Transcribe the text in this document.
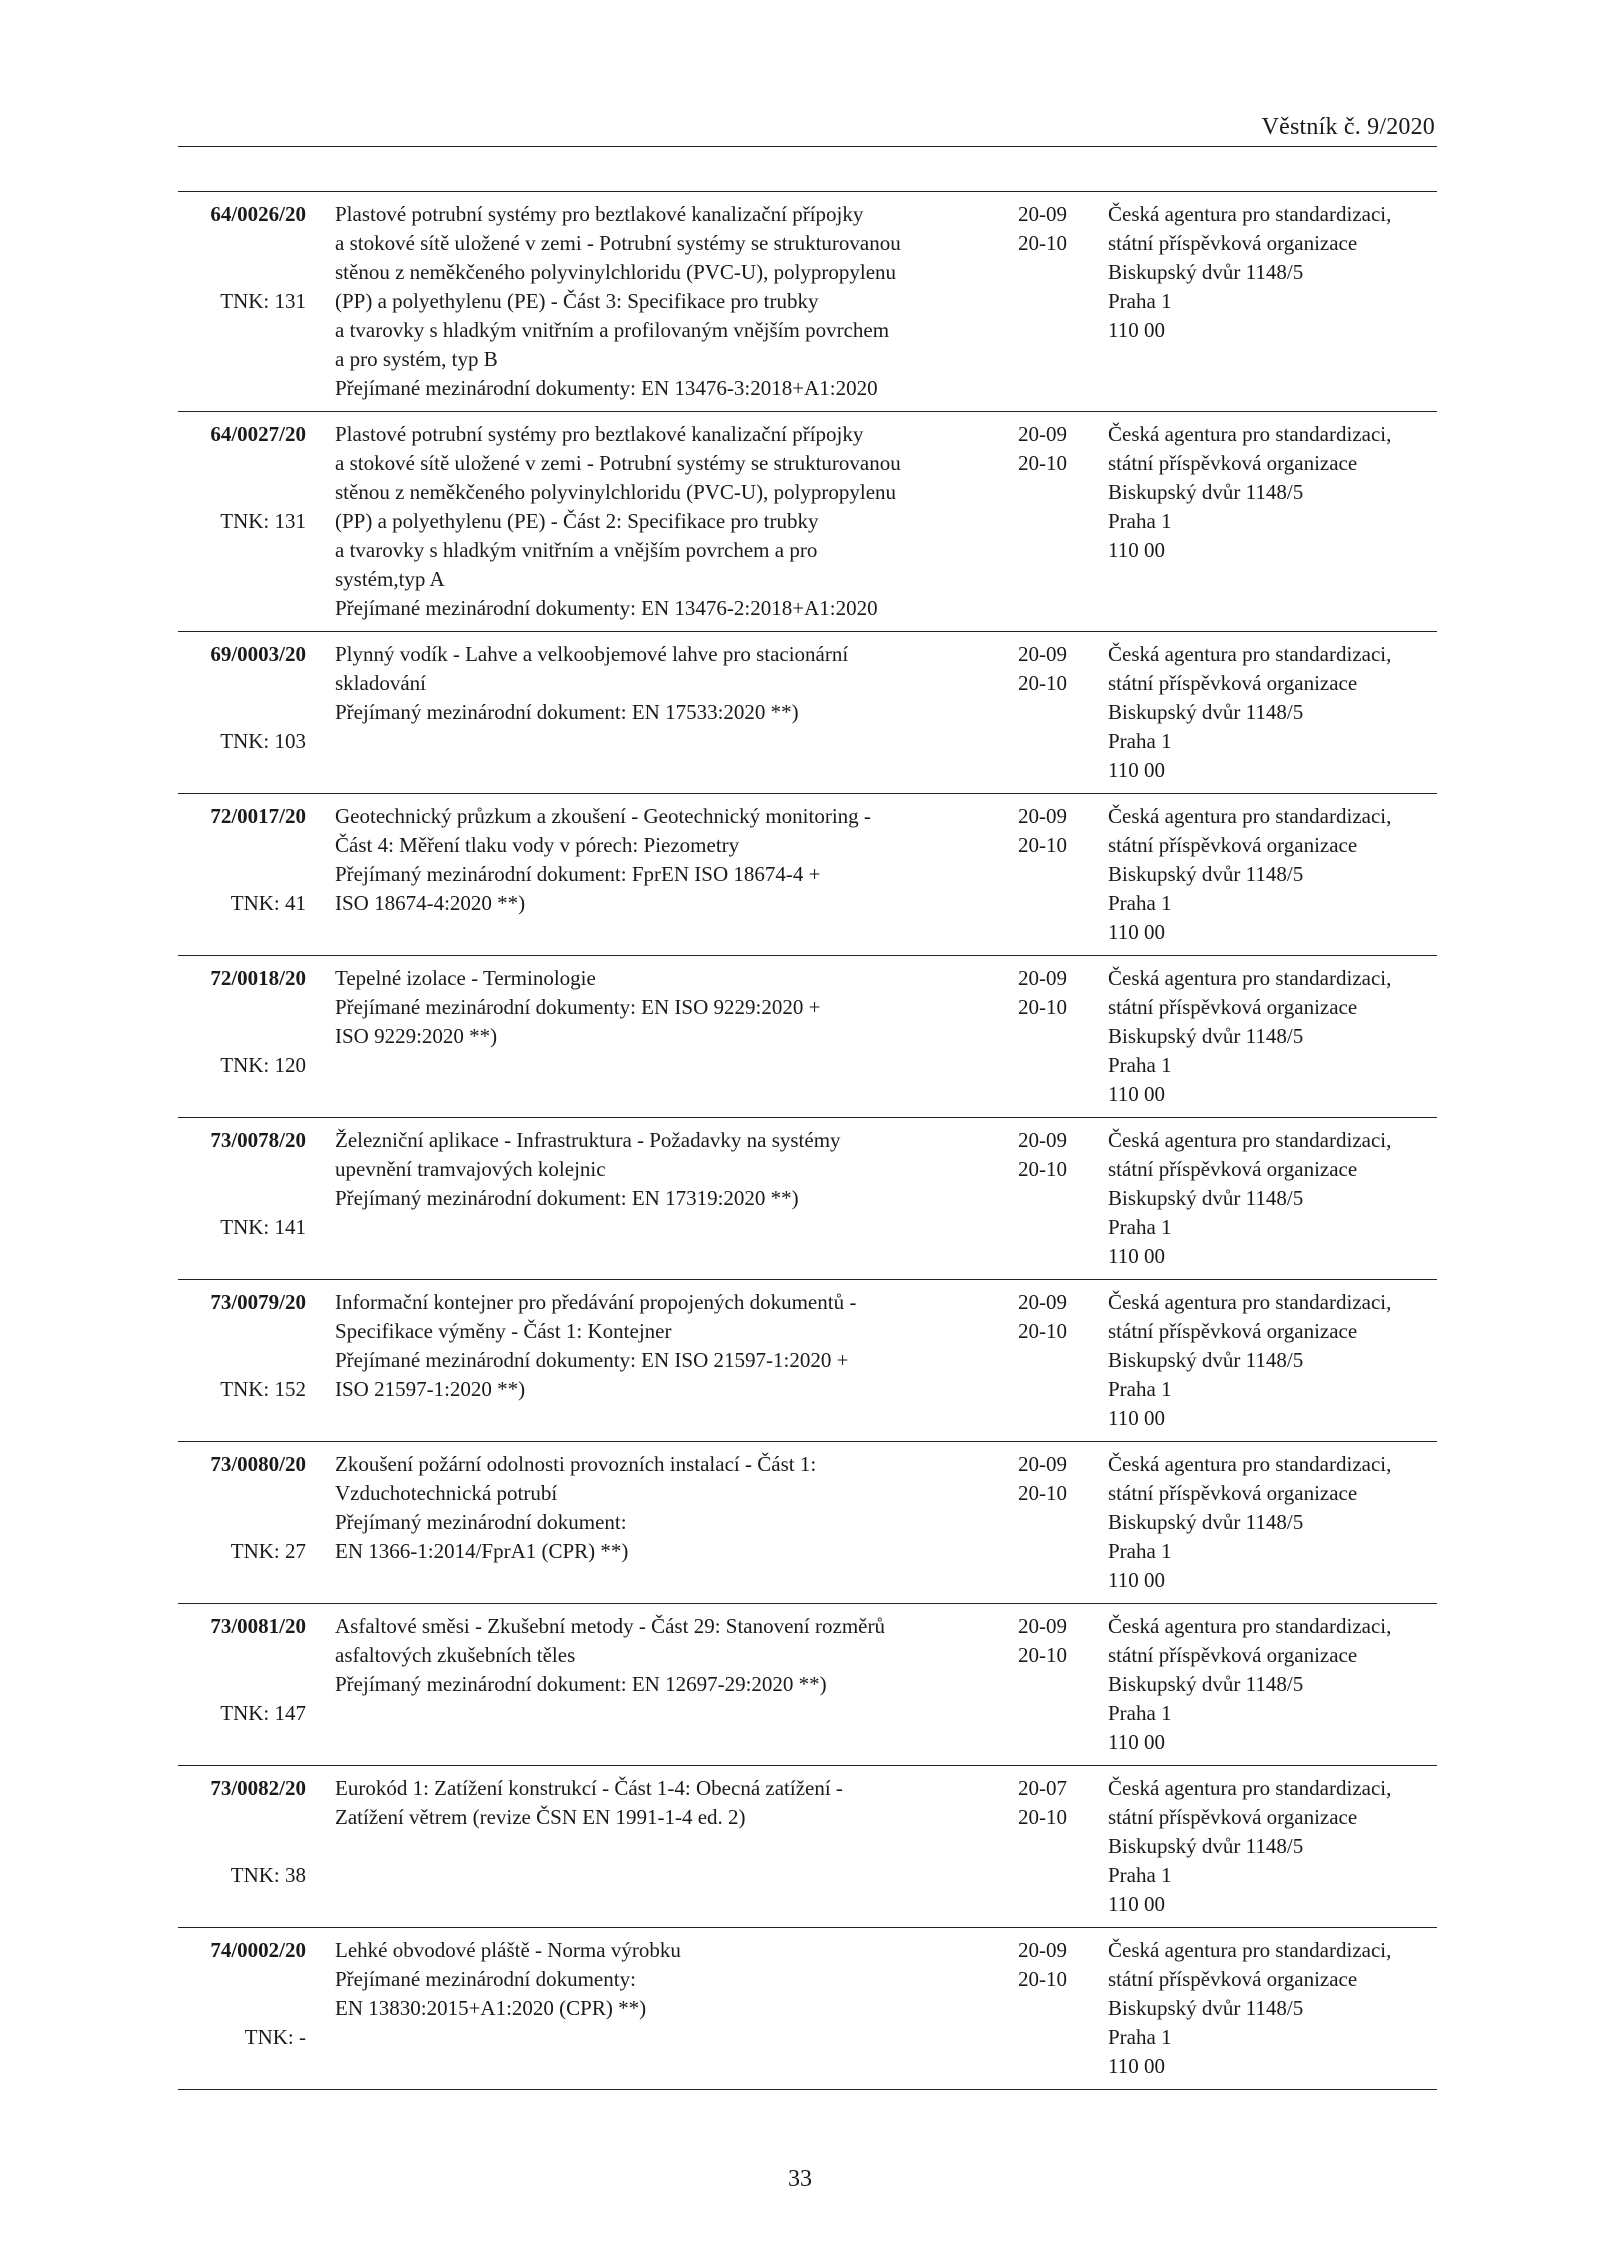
Věstník č. 9/2020
64/0026/20
TNK: 131
Plastové potrubní systémy pro beztlakové kanalizační přípojky
a stokové sítě uložené v zemi - Potrubní systémy se strukturovanou
stěnou z neměkčeného polyvinylchloridu (PVC-U), polypropylenu
(PP) a polyethylenu (PE) - Část 3: Specifikace pro trubky
a tvarovky s hladkým vnitřním a profilovaným vnějším povrchem
a pro systém, typ B
Přejímané mezinárodní dokumenty: EN 13476-3:2018+A1:2020
20-09
20-10
Česká agentura pro standardizaci,
státní příspěvková organizace
Biskupský dvůr 1148/5
Praha 1
110 00
64/0027/20
TNK: 131
Plastové potrubní systémy pro beztlakové kanalizační přípojky
a stokové sítě uložené v zemi - Potrubní systémy se strukturovanou
stěnou z neměkčeného polyvinylchloridu (PVC-U), polypropylenu
(PP) a polyethylenu (PE) - Část 2: Specifikace pro trubky
a tvarovky s hladkým vnitřním a vnějším povrchem a pro
systém,typ A
Přejímané mezinárodní dokumenty: EN 13476-2:2018+A1:2020
20-09
20-10
Česká agentura pro standardizaci,
státní příspěvková organizace
Biskupský dvůr 1148/5
Praha 1
110 00
69/0003/20
TNK: 103
Plynný vodík - Lahve a velkoobjemové lahve pro stacionární
skladování
Přejímaný mezinárodní dokument: EN 17533:2020 **)
20-09
20-10
Česká agentura pro standardizaci,
státní příspěvková organizace
Biskupský dvůr 1148/5
Praha 1
110 00
72/0017/20
TNK: 41
Geotechnický průzkum a zkoušení - Geotechnický monitoring -
Část 4: Měření tlaku vody v pórech: Piezometry
Přejímaný mezinárodní dokument: FprEN ISO 18674-4 +
ISO 18674-4:2020 **)
20-09
20-10
Česká agentura pro standardizaci,
státní příspěvková organizace
Biskupský dvůr 1148/5
Praha 1
110 00
72/0018/20
TNK: 120
Tepelné izolace - Terminologie
Přejímané mezinárodní dokumenty: EN ISO 9229:2020 +
ISO 9229:2020 **)
20-09
20-10
Česká agentura pro standardizaci,
státní příspěvková organizace
Biskupský dvůr 1148/5
Praha 1
110 00
73/0078/20
TNK: 141
Železniční aplikace - Infrastruktura - Požadavky na systémy
upevnění tramvajových kolejnic
Přejímaný mezinárodní dokument: EN 17319:2020 **)
20-09
20-10
Česká agentura pro standardizaci,
státní příspěvková organizace
Biskupský dvůr 1148/5
Praha 1
110 00
73/0079/20
TNK: 152
Informační kontejner pro předávání propojených dokumentů -
Specifikace výměny - Část 1: Kontejner
Přejímané mezinárodní dokumenty: EN ISO 21597-1:2020 +
ISO 21597-1:2020 **)
20-09
20-10
Česká agentura pro standardizaci,
státní příspěvková organizace
Biskupský dvůr 1148/5
Praha 1
110 00
73/0080/20
TNK: 27
Zkoušení požární odolnosti provozních instalací - Část 1:
Vzduchotechnická potrubí
Přejímaný mezinárodní dokument:
EN 1366-1:2014/FprA1 (CPR) **)
20-09
20-10
Česká agentura pro standardizaci,
státní příspěvková organizace
Biskupský dvůr 1148/5
Praha 1
110 00
73/0081/20
TNK: 147
Asfaltové směsi - Zkušební metody - Část 29: Stanovení rozměrů
asfaltových zkušebních těles
Přejímaný mezinárodní dokument: EN 12697-29:2020 **)
20-09
20-10
Česká agentura pro standardizaci,
státní příspěvková organizace
Biskupský dvůr 1148/5
Praha 1
110 00
73/0082/20
TNK: 38
Eurokód 1: Zatížení konstrukcí - Část 1-4: Obecná zatížení -
Zatížení větrem (revize ČSN EN 1991-1-4 ed. 2)
20-07
20-10
Česká agentura pro standardizaci,
státní příspěvková organizace
Biskupský dvůr 1148/5
Praha 1
110 00
74/0002/20
TNK: -
Lehké obvodové pláště - Norma výrobku
Přejímané mezinárodní dokumenty:
EN 13830:2015+A1:2020 (CPR) **)
20-09
20-10
Česká agentura pro standardizaci,
státní příspěvková organizace
Biskupský dvůr 1148/5
Praha 1
110 00
33
